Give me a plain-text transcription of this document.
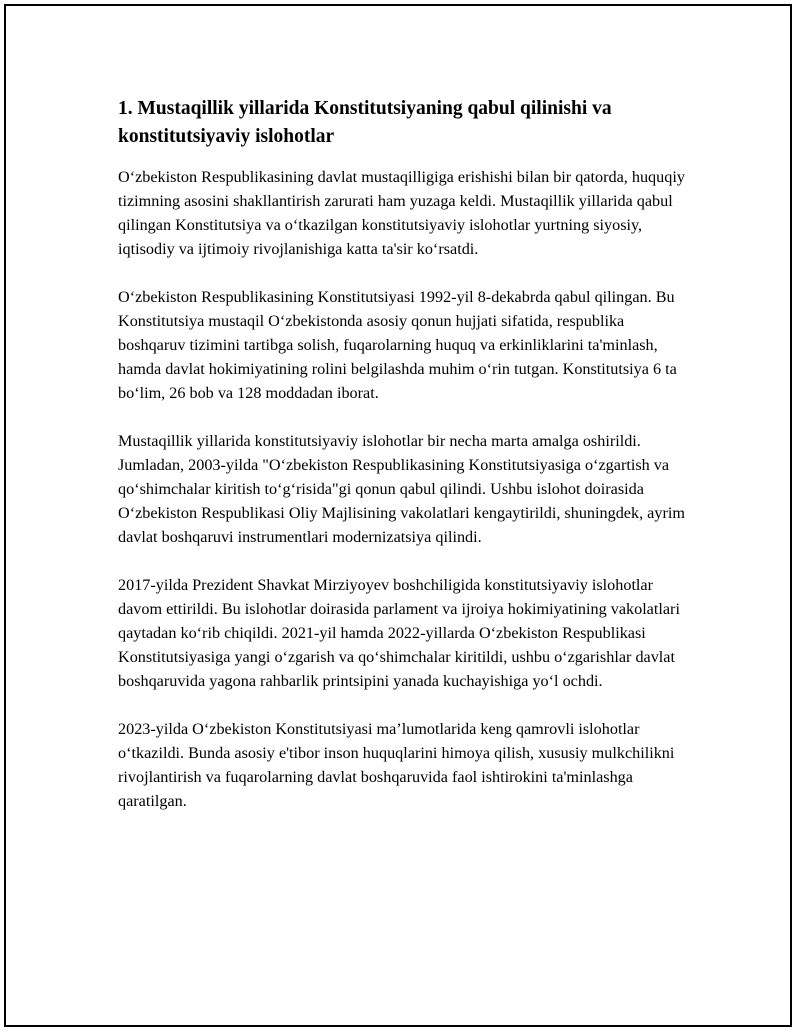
1. Mustaqillik yillarida Konstitutsiyaning qabul qilinishi va konstitutsiyaviy islohotlar

O‘zbekiston Respublikasining davlat mustaqilligiga erishishi bilan bir qatorda, huquqiy tizimning asosini shakllantirish zarurati ham yuzaga keldi. Mustaqillik yillarida qabul qilingan Konstitutsiya va o‘tkazilgan konstitutsiyaviy islohotlar yurtning siyosiy, iqtisodiy va ijtimoiy rivojlanishiga katta ta'sir ko‘rsatdi.

O‘zbekiston Respublikasining Konstitutsiyasi 1992-yil 8-dekabrda qabul qilingan. Bu Konstitutsiya mustaqil O‘zbekistonda asosiy qonun hujjati sifatida, respublika boshqaruv tizimini tartibga solish, fuqarolarning huquq va erkinliklarini ta'minlash, hamda davlat hokimiyatining rolini belgilashda muhim o‘rin tutgan. Konstitutsiya 6 ta bo‘lim, 26 bob va 128 moddadan iborat.

Mustaqillik yillarida konstitutsiyaviy islohotlar bir necha marta amalga oshirildi. Jumladan, 2003-yilda "O‘zbekiston Respublikasining Konstitutsiyasiga o‘zgartish va qo‘shimchalar kiritish to‘g‘risida"gi qonun qabul qilindi. Ushbu islohot doirasida O‘zbekiston Respublikasi Oliy Majlisining vakolatlari kengaytirildi, shuningdek, ayrim davlat boshqaruvi instrumentlari modernizatsiya qilindi.

2017-yilda Prezident Shavkat Mirziyoyev boshchiligida konstitutsiyaviy islohotlar davom ettirildi. Bu islohotlar doirasida parlament va ijroiya hokimiyatining vakolatlari qaytadan ko‘rib chiqildi. 2021-yil hamda 2022-yillarda O‘zbekiston Respublikasi Konstitutsiyasiga yangi o‘zgarish va qo‘shimchalar kiritildi, ushbu o‘zgarishlar davlat boshqaruvida yagona rahbarlik printsipini yanada kuchayishiga yo‘l ochdi.

2023-yilda O‘zbekiston Konstitutsiyasi ma’lumotlarida keng qamrovli islohotlar o‘tkazildi. Bunda asosiy e'tibor inson huquqlarini himoya qilish, xususiy mulkchilikni rivojlantirish va fuqarolarning davlat boshqaruvida faol ishtirokini ta'minlashga qaratilgan.
